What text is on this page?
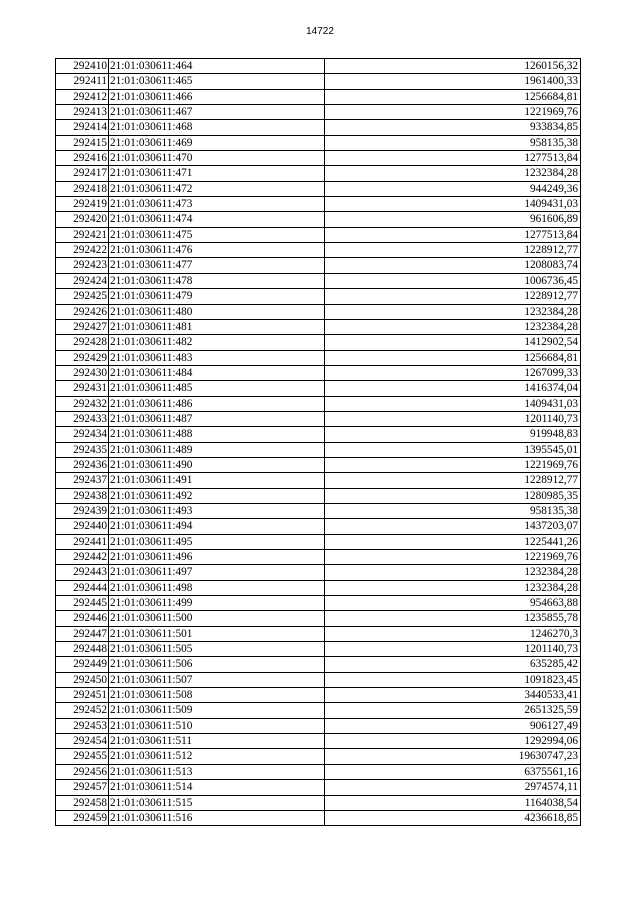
14722
292410	21:01:030611:464	1260156,32
292411	21:01:030611:465	1961400,33
292412	21:01:030611:466	1256684,81
292413	21:01:030611:467	1221969,76
292414	21:01:030611:468	933834,85
292415	21:01:030611:469	958135,38
292416	21:01:030611:470	1277513,84
292417	21:01:030611:471	1232384,28
292418	21:01:030611:472	944249,36
292419	21:01:030611:473	1409431,03
292420	21:01:030611:474	961606,89
292421	21:01:030611:475	1277513,84
292422	21:01:030611:476	1228912,77
292423	21:01:030611:477	1208083,74
292424	21:01:030611:478	1006736,45
292425	21:01:030611:479	1228912,77
292426	21:01:030611:480	1232384,28
292427	21:01:030611:481	1232384,28
292428	21:01:030611:482	1412902,54
292429	21:01:030611:483	1256684,81
292430	21:01:030611:484	1267099,33
292431	21:01:030611:485	1416374,04
292432	21:01:030611:486	1409431,03
292433	21:01:030611:487	1201140,73
292434	21:01:030611:488	919948,83
292435	21:01:030611:489	1395545,01
292436	21:01:030611:490	1221969,76
292437	21:01:030611:491	1228912,77
292438	21:01:030611:492	1280985,35
292439	21:01:030611:493	958135,38
292440	21:01:030611:494	1437203,07
292441	21:01:030611:495	1225441,26
292442	21:01:030611:496	1221969,76
292443	21:01:030611:497	1232384,28
292444	21:01:030611:498	1232384,28
292445	21:01:030611:499	954663,88
292446	21:01:030611:500	1235855,78
292447	21:01:030611:501	1246270,3
292448	21:01:030611:505	1201140,73
292449	21:01:030611:506	635285,42
292450	21:01:030611:507	1091823,45
292451	21:01:030611:508	3440533,41
292452	21:01:030611:509	2651325,59
292453	21:01:030611:510	906127,49
292454	21:01:030611:511	1292994,06
292455	21:01:030611:512	19630747,23
292456	21:01:030611:513	6375561,16
292457	21:01:030611:514	2974574,11
292458	21:01:030611:515	1164038,54
292459	21:01:030611:516	4236618,85
